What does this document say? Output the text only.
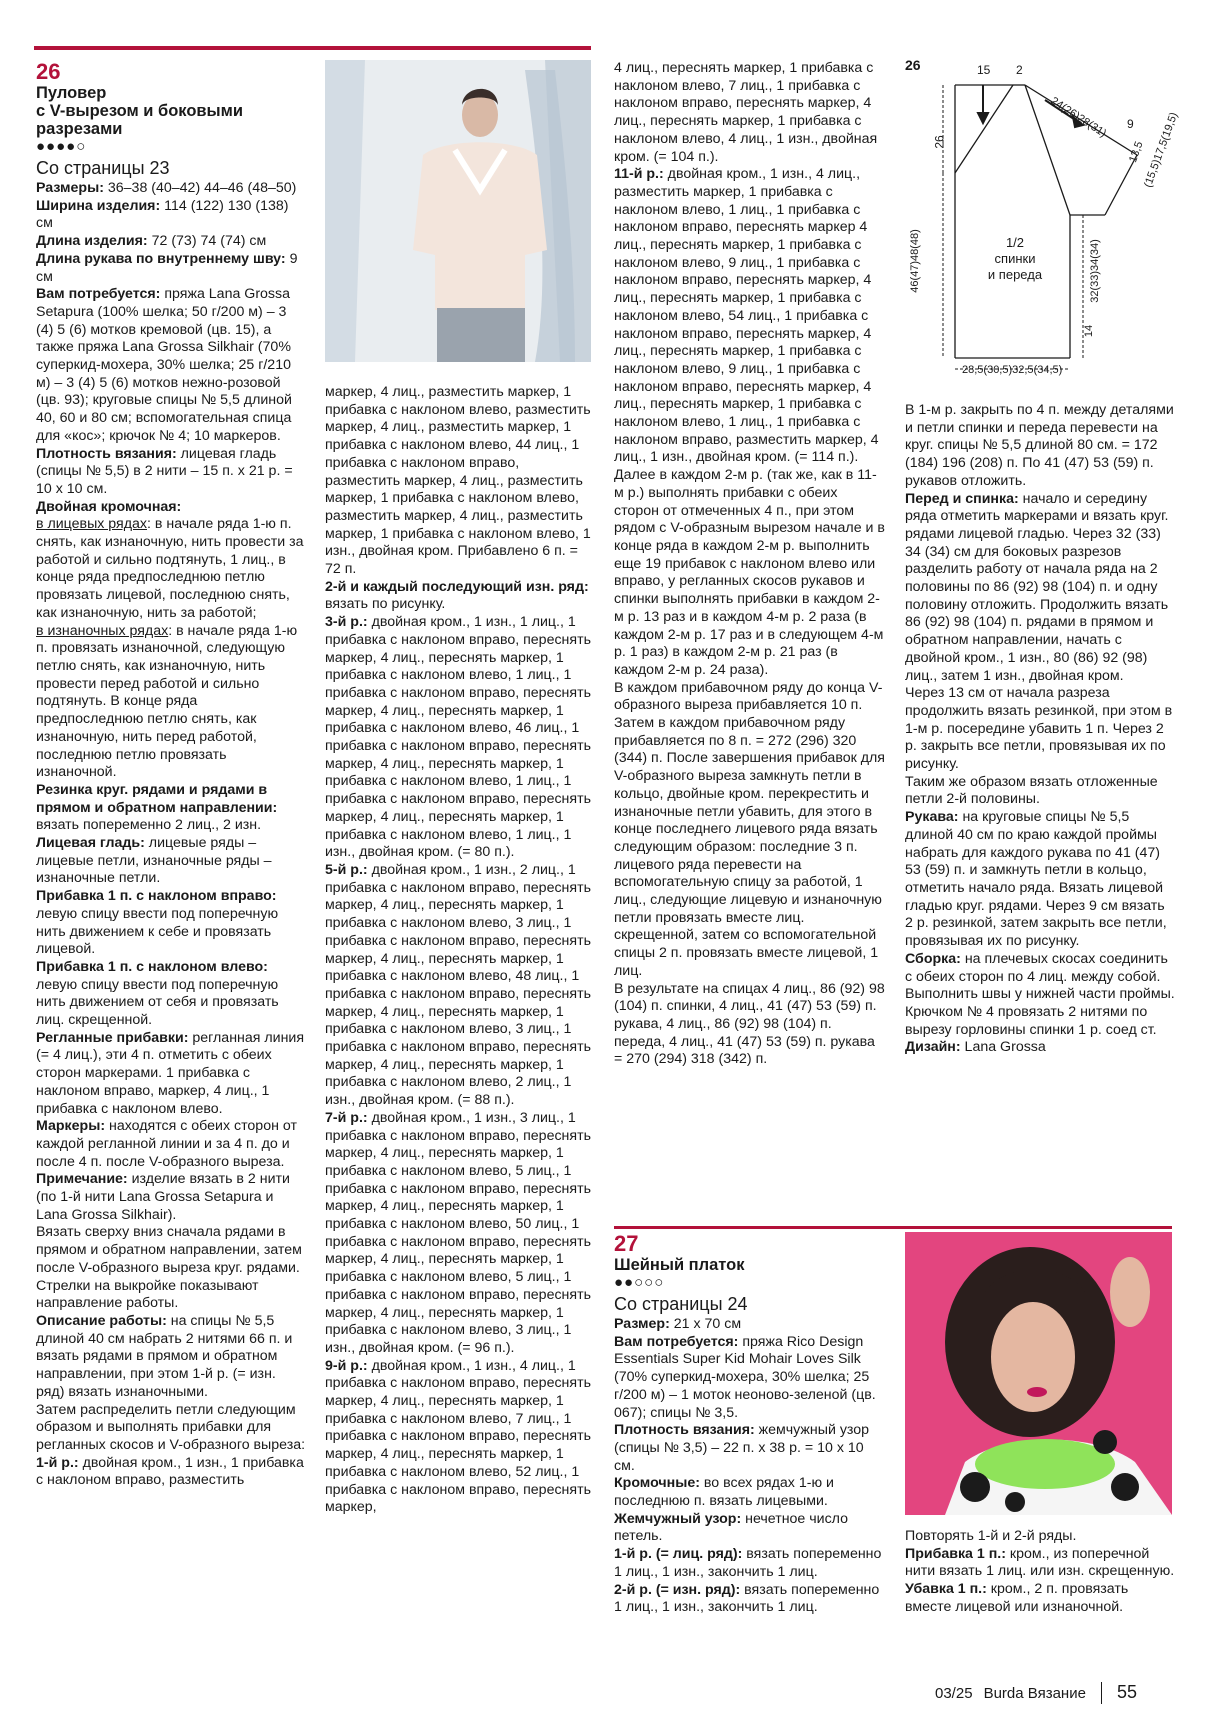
26
Пуловер
с V-вырезом и боковыми
разрезами
●●●●○
Со страницы 23

Размеры: 36–38 (40–42) 44–46 (48–50)

Ширина изделия: 114 (122) 130 (138) см

Длина изделия: 72 (73) 74 (74) см

Длина рукава по внутреннему шву: 9 см

Вам потребуется: пряжа Lana Grossa Setapura (100% шелка; 50 г/200 м) – 3 (4) 5 (6) мотков кремовой (цв. 15), а также пряжа Lana Grossa Silkhair (70% суперкид-мохера, 30% шелка; 25 г/210 м) – 3 (4) 5 (6) мотков нежно-розовой (цв. 93); круговые спицы № 5,5 длиной 40, 60 и 80 см; вспомогательная спица для «кос»; крючок № 4; 10 маркеров.

Плотность вязания: лицевая гладь (спицы № 5,5) в 2 нити – 15 п. х 21 р. = 10 х 10 см.

Двойная кромочная:

в лицевых рядах: в начале ряда 1-ю п. снять, как изнаночную, нить провести за работой и сильно подтянуть, 1 лиц., в конце ряда предпоследнюю петлю провязать лицевой, последнюю снять, как изнаночную, нить за работой;

в изнаночных рядах: в начале ряда 1-ю п. провязать изнаночной, следующую петлю снять, как изнаночную, нить провести перед работой и сильно подтянуть. В конце ряда предпоследнюю петлю снять, как изнаночную, нить перед работой, последнюю петлю провязать изнаночной.

Резинка круг. рядами и рядами в прямом и обратном направлении: вязать попеременно 2 лиц., 2 изн.

Лицевая гладь: лицевые ряды – лицевые петли, изнаночные ряды – изнаночные петли.

Прибавка 1 п. с наклоном вправо: левую спицу ввести под поперечную нить движением к себе и провязать лицевой.

Прибавка 1 п. с наклоном влево: левую спицу ввести под поперечную нить движением от себя и провязать лиц. скрещенной.

Регланные прибавки: регланная линия (= 4 лиц.), эти 4 п. отметить с обеих сторон маркерами. 1 прибавка с наклоном вправо, маркер, 4 лиц., 1 прибавка с наклоном влево.

Маркеры: находятся с обеих сторон от каждой регланной линии и за 4 п. до и после 4 п. после V-образного выреза.

Примечание: изделие вязать в 2 нити (по 1-й нити Lana Grossa Setapura и Lana Grossa Silkhair).

Вязать сверху вниз сначала рядами в прямом и обратном направлении, затем после V-образного выреза круг. рядами.

Стрелки на выкройке показывают направление работы.

Описание работы: на спицы № 5,5 длиной 40 см набрать 2 нитями 66 п. и вязать рядами в прямом и обратном направлении, при этом 1-й р. (= изн. ряд) вязать изнаночными.

Затем распределить петли следующим образом и выполнять прибавки для регланных скосов и V-образного выреза:

1-й р.: двойная кром., 1 изн., 1 прибавка с наклоном вправо, разместить

маркер, 4 лиц., разместить маркер, 1 прибавка с наклоном влево, разместить маркер, 4 лиц., разместить маркер, 1 прибавка с наклоном влево, 44 лиц., 1 прибавка с наклоном вправо, разместить маркер, 4 лиц., разместить маркер, 1 прибавка с наклоном влево, разместить маркер, 4 лиц., разместить маркер, 1 прибавка с наклоном влево, 1 изн., двойная кром. Прибавлено 6 п. = 72 п.

2-й и каждый последующий изн. ряд: вязать по рисунку.

3-й р.: двойная кром., 1 изн., 1 лиц., 1 прибавка с наклоном вправо, переснять маркер, 4 лиц., переснять маркер, 1 прибавка с наклоном влево, 1 лиц., 1 прибавка с наклоном вправо, переснять маркер, 4 лиц., переснять маркер, 1 прибавка с наклоном влево, 46 лиц., 1 прибавка с наклоном вправо, переснять маркер, 4 лиц., переснять маркер, 1 прибавка с наклоном влево, 1 лиц., 1 прибавка с наклоном вправо, переснять маркер, 4 лиц., переснять маркер, 1 прибавка с наклоном влево, 1 лиц., 1 изн., двойная кром. (= 80 п.).

5-й р.: двойная кром., 1 изн., 2 лиц., 1 прибавка с наклоном вправо, переснять маркер, 4 лиц., переснять маркер, 1 прибавка с наклоном влево, 3 лиц., 1 прибавка с наклоном вправо, переснять маркер, 4 лиц., переснять маркер, 1 прибавка с наклоном влево, 48 лиц., 1 прибавка с наклоном вправо, переснять маркер, 4 лиц., переснять маркер, 1 прибавка с наклоном влево, 3 лиц., 1 прибавка с наклоном вправо, переснять маркер, 4 лиц., переснять маркер, 1 прибавка с наклоном влево, 2 лиц., 1 изн., двойная кром. (= 88 п.).

7-й р.: двойная кром., 1 изн., 3 лиц., 1 прибавка с наклоном вправо, переснять маркер, 4 лиц., переснять маркер, 1 прибавка с наклоном влево, 5 лиц., 1 прибавка с наклоном вправо, переснять маркер, 4 лиц., переснять маркер, 1 прибавка с наклоном влево, 50 лиц., 1 прибавка с наклоном вправо, переснять маркер, 4 лиц., переснять маркер, 1 прибавка с наклоном влево, 5 лиц., 1 прибавка с наклоном вправо, переснять маркер, 4 лиц., переснять маркер, 1 прибавка с наклоном влево, 3 лиц., 1 изн., двойная кром. (= 96 п.).

9-й р.: двойная кром., 1 изн., 4 лиц., 1 прибавка с наклоном вправо, переснять маркер, 4 лиц., переснять маркер, 1 прибавка с наклоном влево, 7 лиц., 1 прибавка с наклоном вправо, переснять маркер, 4 лиц., переснять маркер, 1 прибавка с наклоном влево, 52 лиц., 1 прибавка с наклоном вправо, переснять маркер,

4 лиц., переснять маркер, 1 прибавка с наклоном влево, 7 лиц., 1 прибавка с наклоном вправо, переснять маркер, 4 лиц., переснять маркер, 1 прибавка с наклоном влево, 4 лиц., 1 изн., двойная кром. (= 104 п.).

11-й р.: двойная кром., 1 изн., 4 лиц., разместить маркер, 1 прибавка с наклоном влево, 1 лиц., 1 прибавка с наклоном вправо, переснять маркер 4 лиц., переснять маркер, 1 прибавка с наклоном влево, 9 лиц., 1 прибавка с наклоном вправо, переснять маркер, 4 лиц., переснять маркер, 1 прибавка с наклоном влево, 54 лиц., 1 прибавка с наклоном вправо, переснять маркер, 4 лиц., переснять маркер, 1 прибавка с наклоном влево, 9 лиц., 1 прибавка с наклоном вправо, переснять маркер, 4 лиц., переснять маркер, 1 прибавка с наклоном влево, 1 лиц., 1 прибавка с наклоном вправо, разместить маркер, 4 лиц., 1 изн., двойная кром. (= 114 п.).

Далее в каждом 2-м р. (так же, как в 11-м р.) выполнять прибавки с обеих сторон от отмеченных 4 п., при этом рядом с V-образным вырезом начале и в конце ряда в каждом 2-м р. выполнить еще 19 прибавок с наклоном влево или вправо, у регланных скосов рукавов и спинки выполнять прибавки в каждом 2-м р. 13 раз и в каждом 4-м р. 2 раза (в каждом 2-м р. 17 раз и в следующем 4-м р. 1 раз) в каждом 2-м р. 21 раз (в каждом 2-м р. 24 раза).

В каждом прибавочном ряду до конца V-образного выреза прибавляется 10 п. Затем в каждом прибавочном ряду прибавляется по 8 п. = 272 (296) 320 (344) п. После завершения прибавок для V-образного выреза замкнуть петли в кольцо, двойные кром. перекрестить и изнаночные петли убавить, для этого в конце последнего лицевого ряда вязать следующим образом: последние 3 п. лицевого ряда перевести на вспомогательную спицу за работой, 1 лиц., следующие лицевую и изнаночную петли провязать вместе лиц. скрещенной, затем со вспомогательной спицы 2 п. провязать вместе лицевой, 1 лиц.

В результате на спицах 4 лиц., 86 (92) 98 (104) п. спинки, 4 лиц., 41 (47) 53 (59) п. рукава, 4 лиц., 86 (92) 98 (104) п. переда, 4 лиц., 41 (47) 53 (59) п. рукава = 270 (294) 318 (342) п.

26	15 2
24(26)28(31) 9
26	13,5
(15,5)17,5(19,5)
46(47)48(48)	32(33)34(34)
14
28,5(30,5)32,5(34,5)
1/2
спинки
и переда

В 1-м р. закрыть по 4 п. между деталями и петли спинки и переда перевести на круг. спицы № 5,5 длиной 80 см. = 172 (184) 196 (208) п. По 41 (47) 53 (59) п. рукавов отложить.

Перед и спинка: начало и середину ряда отметить маркерами и вязать круг. рядами лицевой гладью. Через 32 (33) 34 (34) см для боковых разрезов разделить работу от начала ряда на 2 половины по 86 (92) 98 (104) п. и одну половину отложить. Продолжить вязать 86 (92) 98 (104) п. рядами в прямом и обратном направлении, начать с двойной кром., 1 изн., 80 (86) 92 (98) лиц., затем 1 изн., двойная кром.

Через 13 см от начала разреза продолжить вязать резинкой, при этом в 1-м р. посередине убавить 1 п. Через 2 р. закрыть все петли, провязывая их по рисунку.

Таким же образом вязать отложенные петли 2-й половины.

Рукава: на круговые спицы № 5,5 длиной 40 см по краю каждой проймы набрать для каждого рукава по 41 (47) 53 (59) п. и замкнуть петли в кольцо, отметить начало ряда. Вязать лицевой гладью круг. рядами. Через 9 см вязать 2 р. резинкой, затем закрыть все петли, провязывая их по рисунку.

Сборка: на плечевых скосах соединить с обеих сторон по 4 лиц. между собой. Выполнить швы у нижней части проймы. Крючком № 4 провязать 2 нитями по вырезу горловины спинки 1 р. соед ст.

Дизайн: Lana Grossa

27
Шейный платок
●●○○○
Со страницы 24

Размер: 21 х 70 см

Вам потребуется: пряжа Rico Design Essentials Super Kid Mohair Loves Silk (70% суперкид-мохера, 30% шелка; 25 г/200 м) – 1 моток неоново-зеленой (цв. 067); спицы № 3,5.

Плотность вязания: жемчужный узор (спицы № 3,5) – 22 п. х 38 р. = 10 х 10 см.

Кромочные: во всех рядах 1-ю и последнюю п. вязать лицевыми.

Жемчужный узор: нечетное число петель.

1-й р. (= лиц. ряд): вязать попеременно 1 лиц., 1 изн., закончить 1 лиц.

2-й р. (= изн. ряд): вязать попеременно 1 лиц., 1 изн., закончить 1 лиц.

Повторять 1-й и 2-й ряды.

Прибавка 1 п.: кром., из поперечной нити вязать 1 лиц. или изн. скрещенную.

Убавка 1 п.: кром., 2 п. провязать вместе лицевой или изнаночной.

03/25 Burda Вязание 55
